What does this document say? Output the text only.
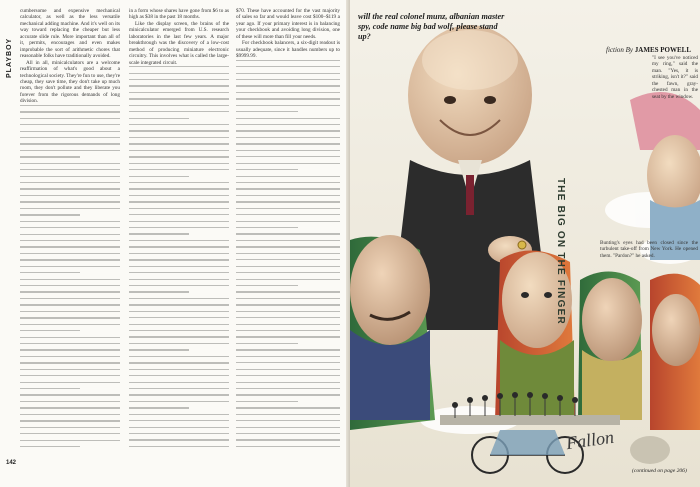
PLAYBOY

cumbersome and expensive mechanical calculator, as well as the less versatile mechanical adding machine. And it's well on its way toward replacing the cheaper but less accurate slide rule. More important than all of it, permits, encourages and even makes improbable the sort of arithmetic chores that reasonable folks have traditionally avoided.

All in all, minicalculators are a welcome reaffirmation of what's good about a technological society. They're fun to use, they're cheap, they save time, they don't take up much room, they don't pollute and they liberate you forever from the rigorous demands of long division.

in a form whose shares have gone from $6 to as high as $38 in the past 18 months.

Like the display screen, the brains of the minicalculator emerged from U.S. research laboratories in the last few years. A major breakthrough was the discovery of a low-cost method of producing miniature electronic circuitry. This involves what is called the large-scale integrated circuit.

$70. These have accounted for the vast majority of sales so far and would leave cost $100–$119 a year ago. If your primary interest is in balancing your checkbook and avoiding long division, one of these will more than fill your needs.

For checkbook balancers, a six-digit readout is usually adequate, since it handles numbers up to $9999.99.

142
will the real colonel munz, albanian master spy, code name big bad wolf, please stand up?
fiction By JAMES POWELL

"I see you've noticed my ring," said the man. "Yes, it is striking, isn't it?" said the fawn, gray-chested man in the seat by the window.

Bunting's eyes had been closed since the turbulent take-off from New York. He opened them. "Pardon?" he asked.

THE BIG ON THE FINGER
Fallon
(continued on page 206)
